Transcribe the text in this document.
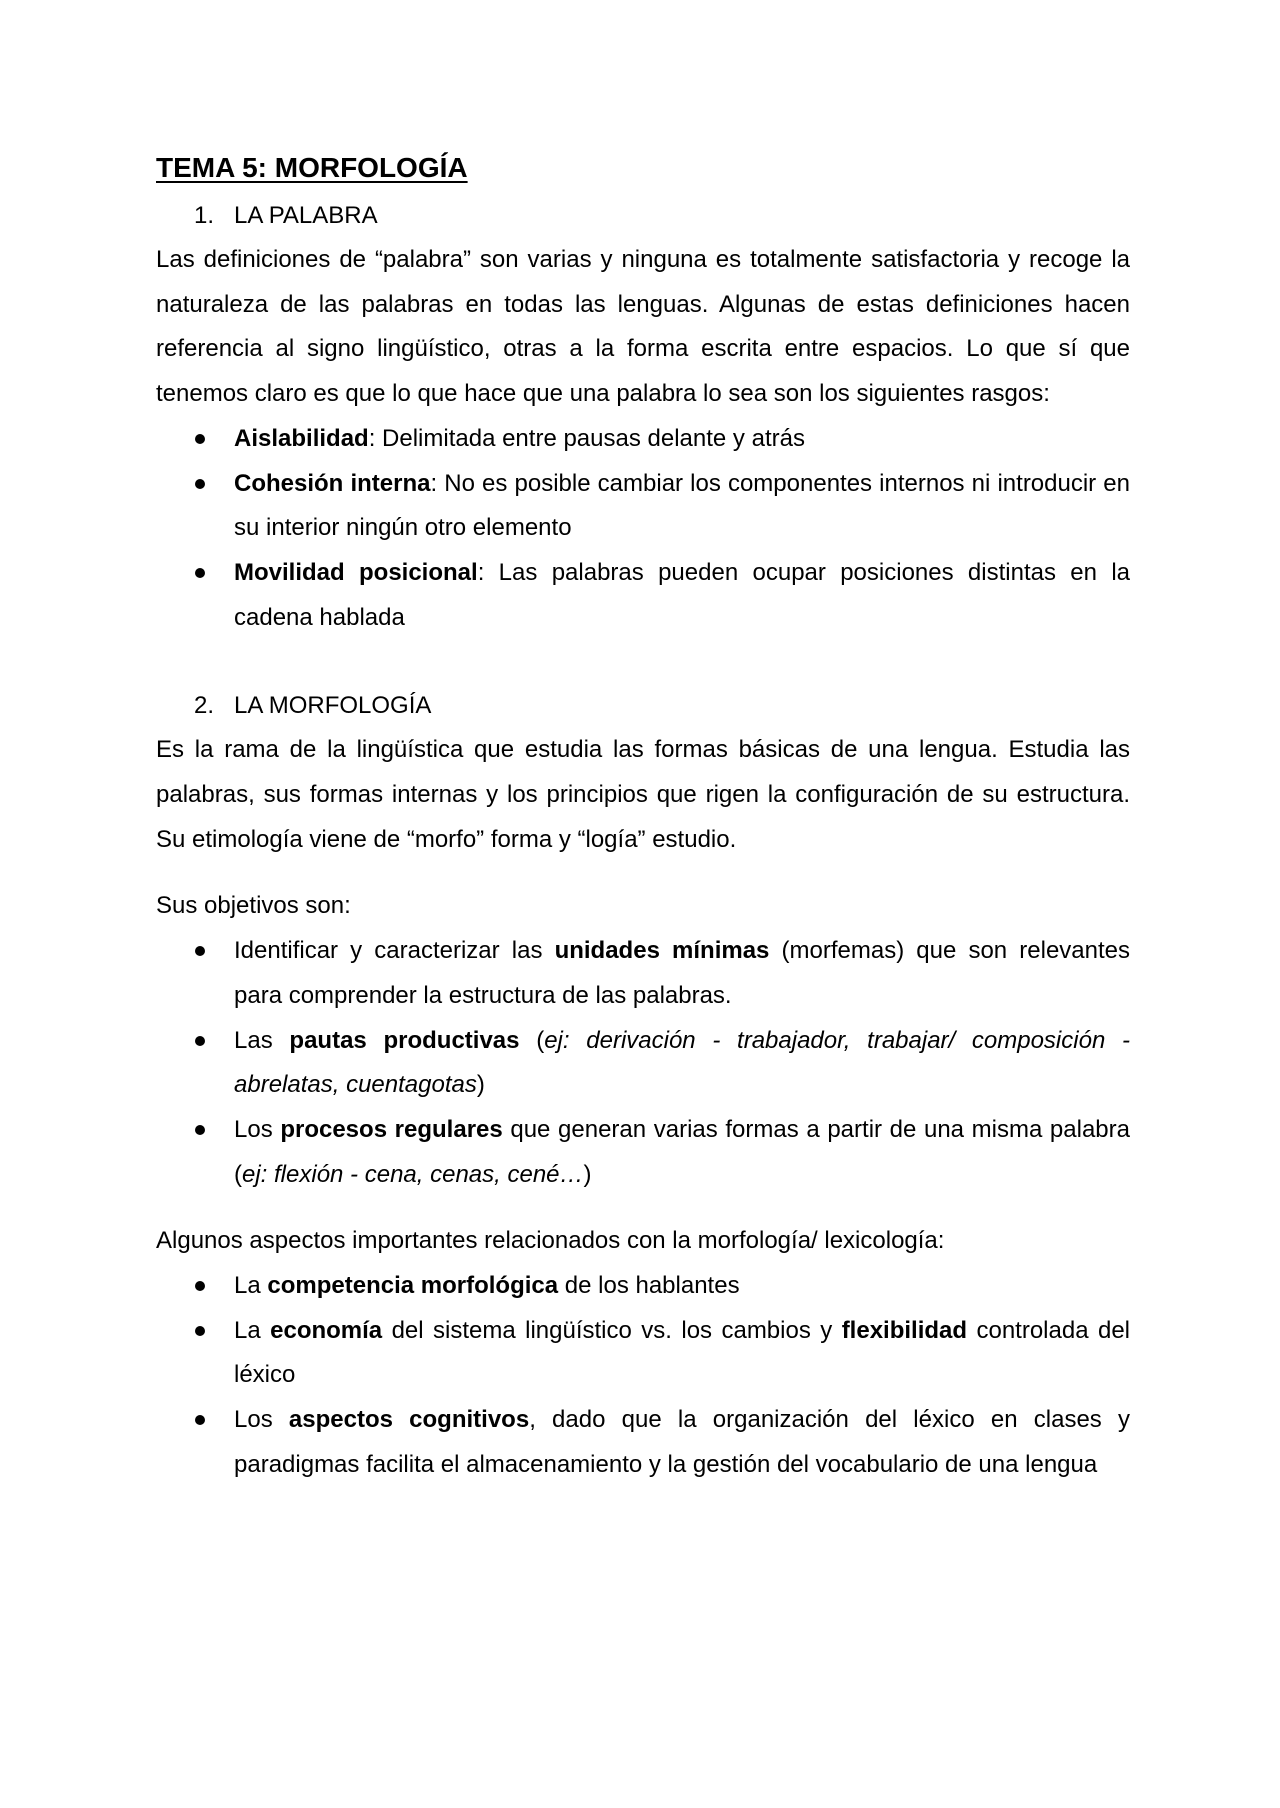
TEMA 5: MORFOLOGÍA
1. LA PALABRA

Las definiciones de “palabra” son varias y ninguna es totalmente satisfactoria y recoge la naturaleza de las palabras en todas las lenguas. Algunas de estas definiciones hacen referencia al signo lingüístico, otras a la forma escrita entre espacios. Lo que sí que tenemos claro es que lo que hace que una palabra lo sea son los siguientes rasgos:

Aislabilidad: Delimitada entre pausas delante y atrás
Cohesión interna: No es posible cambiar los componentes internos ni introducir en su interior ningún otro elemento
Movilidad posicional: Las palabras pueden ocupar posiciones distintas en la cadena hablada
2. LA MORFOLOGÍA

Es la rama de la lingüística que estudia las formas básicas de una lengua. Estudia las palabras, sus formas internas y los principios que rigen la configuración de su estructura. Su etimología viene de “morfo” forma y “logía” estudio.

Sus objetivos son:

Identificar y caracterizar las unidades mínimas (morfemas) que son relevantes para comprender la estructura de las palabras.
Las pautas productivas (ej: derivación - trabajador, trabajar/ composición - abrelatas, cuentagotas)
Los procesos regulares que generan varias formas a partir de una misma palabra (ej: flexión - cena, cenas, cené…)

Algunos aspectos importantes relacionados con la morfología/ lexicología:

La competencia morfológica de los hablantes
La economía del sistema lingüístico vs. los cambios y flexibilidad controlada del léxico
Los aspectos cognitivos, dado que la organización del léxico en clases y paradigmas facilita el almacenamiento y la gestión del vocabulario de una lengua
